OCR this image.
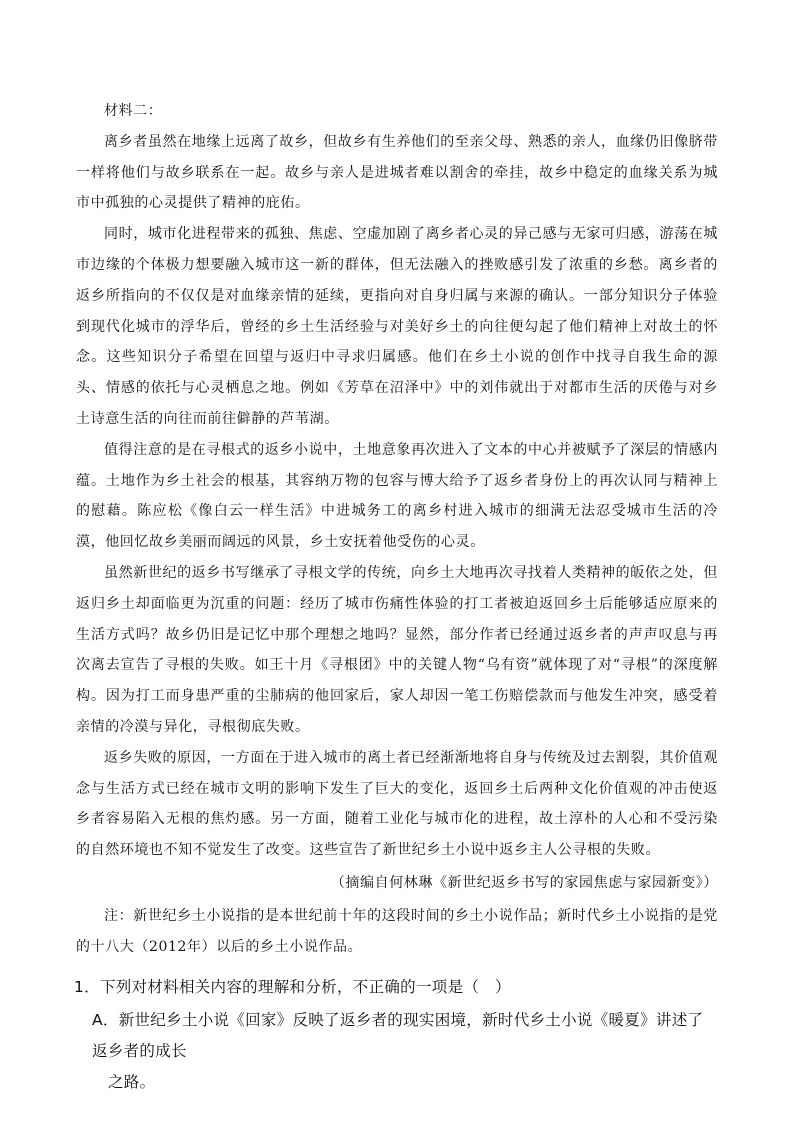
材料二：

离乡者虽然在地缘上远离了故乡，但故乡有生养他们的至亲父母、熟悉的亲人，血缘仍旧像脐带一样将他们与故乡联系在一起。故乡与亲人是进城者难以割舍的牵挂，故乡中稳定的血缘关系为城市中孤独的心灵提供了精神的庇佑。

同时，城市化进程带来的孤独、焦虑、空虚加剧了离乡者心灵的异己感与无家可归感，游荡在城市边缘的个体极力想要融入城市这一新的群体，但无法融入的挫败感引发了浓重的乡愁。离乡者的返乡所指向的不仅仅是对血缘亲情的延续，更指向对自身归属与来源的确认。一部分知识分子体验到现代化城市的浮华后，曾经的乡土生活经验与对美好乡土的向往便勾起了他们精神上对故土的怀念。这些知识分子希望在回望与返归中寻求归属感。他们在乡土小说的创作中找寻自我生命的源头、情感的依托与心灵栖息之地。例如《芳草在沼泽中》中的刘伟就出于对都市生活的厌倦与对乡土诗意生活的向往而前往僻静的芦苇湖。

值得注意的是在寻根式的返乡小说中，土地意象再次进入了文本的中心并被赋予了深层的情感内蕴。土地作为乡土社会的根基，其容纳万物的包容与博大给予了返乡者身份上的再次认同与精神上的慰藉。陈应松《像白云一样生活》中进城务工的离乡村进入城市的细满无法忍受城市生活的冷漠，他回忆故乡美丽而阔远的风景，乡土安抚着他受伤的心灵。

虽然新世纪的返乡书写继承了寻根文学的传统，向乡土大地再次寻找着人类精神的皈依之处，但返归乡土却面临更为沉重的问题：经历了城市伤痛性体验的打工者被迫返回乡土后能够适应原来的生活方式吗？故乡仍旧是记忆中那个理想之地吗？显然，部分作者已经通过返乡者的声声叹息与再次离去宣告了寻根的失败。如王十月《寻根团》中的关键人物“乌有资”就体现了对“寻根”的深度解构。因为打工而身患严重的尘肺病的他回家后，家人却因一笔工伤赔偿款而与他发生冲突，感受着亲情的冷漠与异化，寻根彻底失败。

返乡失败的原因，一方面在于进入城市的离土者已经渐渐地将自身与传统及过去割裂，其价值观念与生活方式已经在城市文明的影响下发生了巨大的变化，返回乡土后两种文化价值观的冲击使返乡者容易陷入无根的焦灼感。另一方面，随着工业化与城市化的进程，故土淳朴的人心和不受污染的自然环境也不知不觉发生了改变。这些宣告了新世纪乡土小说中返乡主人公寻根的失败。

（摘编自何林琳《新世纪返乡书写的家园焦虑与家园新变》）

注：新世纪乡土小说指的是本世纪前十年的这段时间的乡土小说作品；新时代乡土小说指的是党的十八大（2012年）以后的乡土小说作品。

1．下列对材料相关内容的理解和分析，不正确的一项是（　）

A．新世纪乡土小说《回家》反映了返乡者的现实困境，新时代乡土小说《暖夏》讲述了返乡者的成长
之路。
